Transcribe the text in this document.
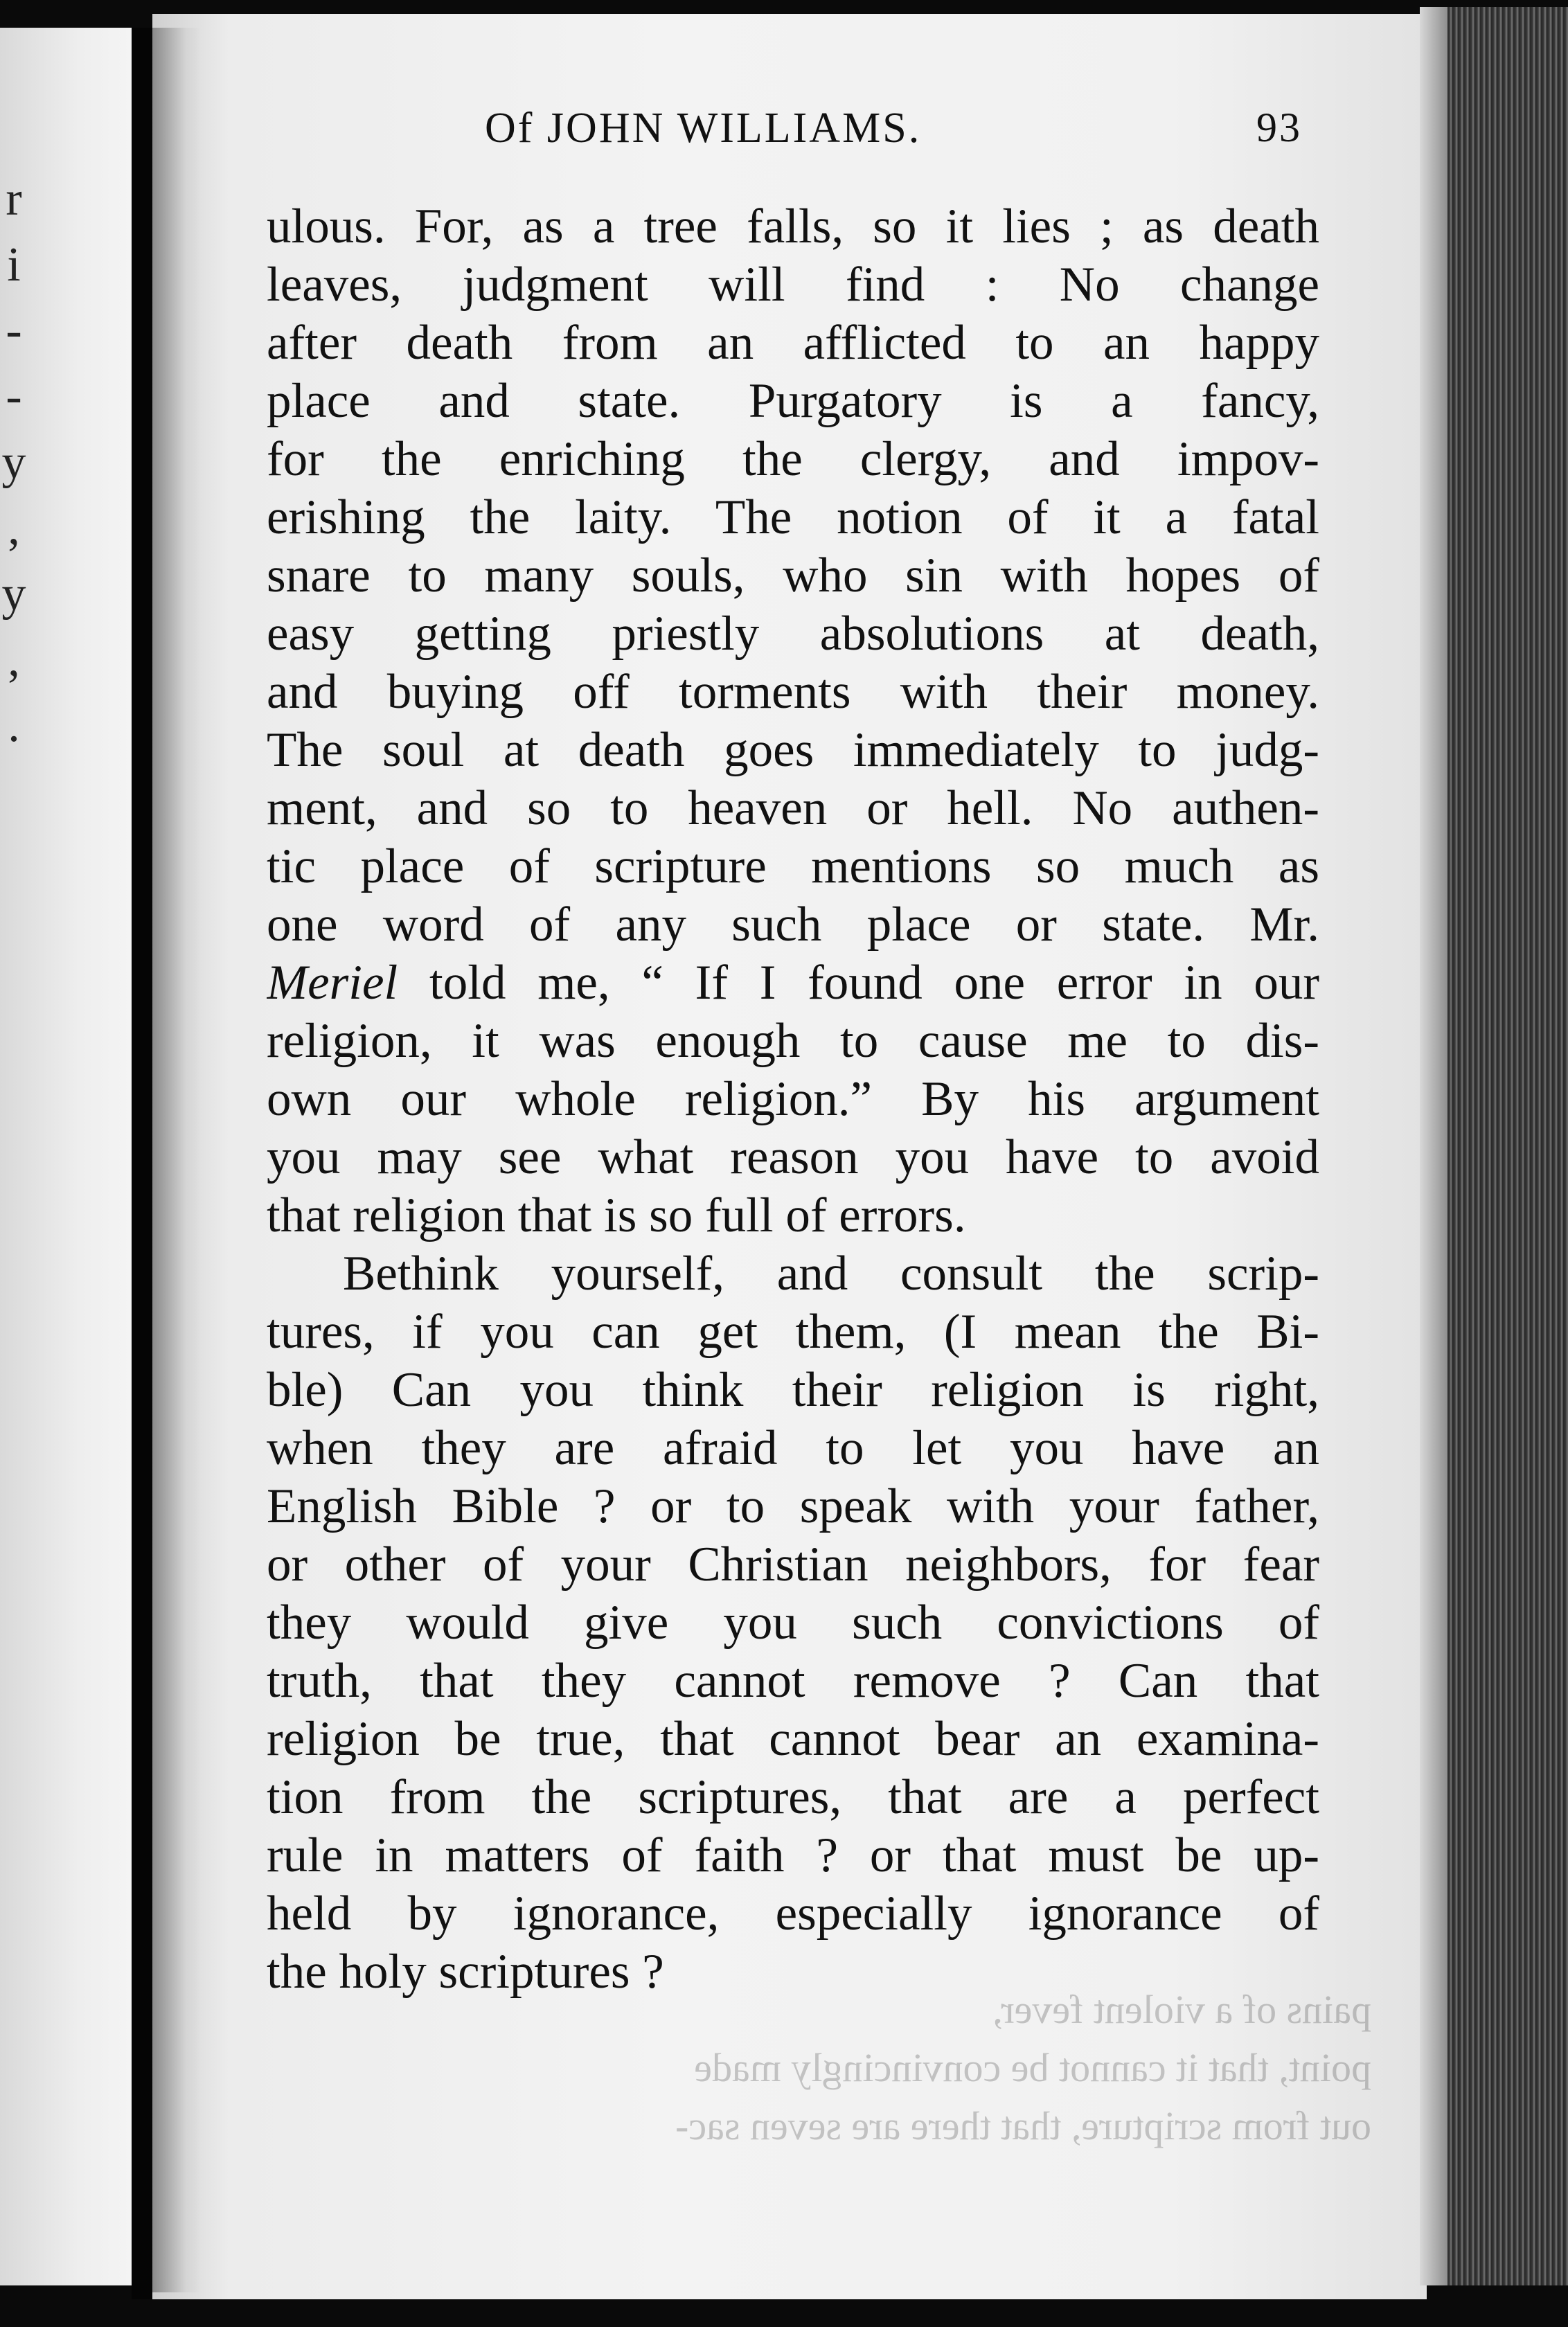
r
i
-
-
y
,
y
,
.
Of JOHN WILLIAMS.	93
ulous. For, as a tree falls, so it lies ; as death
leaves, judgment will find : No change
after death from an afflicted to an happy
place and state. Purgatory is a fancy,
for the enriching the clergy, and impov-
erishing the laity. The notion of it a fatal
snare to many souls, who sin with hopes of
easy getting priestly absolutions at death,
and buying off torments with their money.
The soul at death goes immediately to judg-
ment, and so to heaven or hell. No authen-
tic place of scripture mentions so much as
one word of any such place or state. Mr.
Meriel told me, “ If I found one error in our
religion, it was enough to cause me to dis-
own our whole religion.” By his argument
you may see what reason you have to avoid
that religion that is so full of errors.
Bethink yourself, and consult the scrip-
tures, if you can get them, (I mean the Bi-
ble) Can you think their religion is right,
when they are afraid to let you have an
English Bible ? or to speak with your father,
or other of your Christian neighbors, for fear
they would give you such convictions of
truth, that they cannot remove ? Can that
religion be true, that cannot bear an examina-
tion from the scriptures, that are a perfect
rule in matters of faith ? or that must be up-
held by ignorance, especially ignorance of
the holy scriptures ?
pains of a violent fever,
point, that it cannot be convincingly made
out from scripture, that there are seven sac-
